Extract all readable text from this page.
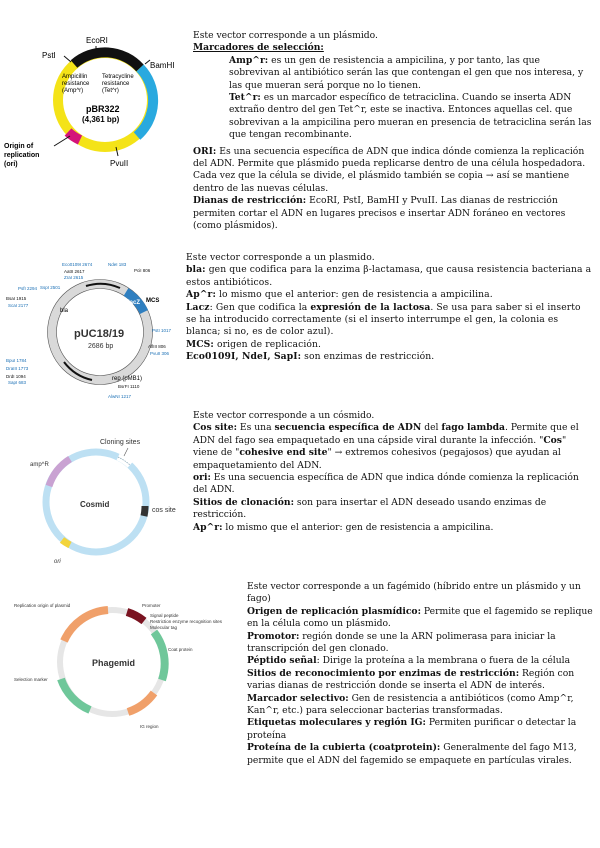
EcoRI
PstI
BamHI
PvuII
Ampicillin
resistance
(Amp^r)
Tetracycline
resistance
(Tet^r)
pBR322
(4,361 bp)
Origin of
replication
(ori)

Este vector corresponde a un plásmido.

Marcadores de selección:

Amp^r: es un gen de resistencia a ampicilina, y por tanto, las que sobrevivan al antibiótico serán las que contengan el gen que nos interesa, y las que mueran será porque no lo tienen.

Tet^r: es un marcador específico de tetraciclina. Cuando se inserta ADN extraño dentro del gen Tet^r, este se inactiva. Entonces aquellas cel. que sobrevivan a la ampicilina pero mueran en presencia de tetraciclina serán las que tengan recombinante.

ORI: Es una secuencia específica de ADN que indica dónde comienza la replicación del ADN. Permite que plásmido pueda replicarse dentro de una célula hospedadora. Cada vez que la célula se divide, el plásmido también se copia → así se mantiene dentro de las nuevas células.

Dianas de restricción: EcoRI, PstI, BamHI y PvuII. Las dianas de restricción permiten cortar el ADN en lugares precisos e insertar ADN foráneo en vectores (como plásmidos).

pUC18/19
2686 bp
lacZ MCS
bla
rep (pMB1)
Eco0109I 2674
AatII 2617
ZraI 2615
SspI 2501
PsfI 2294
BsaI 1915
ScaI 2177
NdeI 183
PciI 806
BpuI 1784
DraIII 1773
DrdI 1094
SapI 683
AflIII 806
PvuII 306
BsrFI 1110
AlwNI 1217
PstI 1017

Este vector corresponde a un plasmido.

bla: gen que codifica para la enzima β-lactamasa, que causa resistencia bacteriana a estos antibióticos.

Ap^r: lo mismo que el anterior: gen de resistencia a ampicilina.

Lacz: Gen que codifica la expresión de la lactosa. Se usa para saber si el inserto se ha introducido correctamente (si el inserto interrumpe el gen, la colonia es blanca; si no, es de color azul).

MCS: origen de replicación.

Eco0109I, NdeI, SapI: son enzimas de restricción.

Cloning sites
amp^R
Cosmid
cos site
ori

Este vector corresponde a un cósmido.

Cos site: Es una secuencia específica de ADN del fago lambda. Permite que el ADN del fago sea empaquetado en una cápside viral durante la infección. "Cos" viene de "cohesive end site" → extremos cohesivos (pegajosos) que ayudan al empaquetamiento del ADN.

ori: Es una secuencia específica de ADN que indica dónde comienza la replicación del ADN.

Sitios de clonación: son para insertar el ADN deseado usando enzimas de restricción.

Ap^r: lo mismo que el anterior: gen de resistencia a ampicilina.

Phagemid
Replication origin of plasmid	Promoter
Signal peptide
Restriction enzyme recognition sites
Molecular tag
Coat protein
Selection marker
IG region

Este vector corresponde a un fagémido (híbrido entre un plásmido y un fago)

Origen de replicación plasmídico: Permite que el fagemido se replique en la célula como un plásmido.

Promotor: región donde se une la ARN polimerasa para iniciar la transcripción del gen clonado.

Péptido señal: Dirige la proteína a la membrana o fuera de la célula

Sitios de reconocimiento por enzimas de restricción: Región con varias dianas de restricción donde se inserta el ADN de interés.

Marcador selectivo: Gen de resistencia a antibióticos (como Amp^r, Kan^r, etc.) para seleccionar bacterias transformadas.

Etiquetas moleculares y región IG: Permiten purificar o detectar la proteína

Proteína de la cubierta (coatprotein): Generalmente del fago M13, permite que el ADN del fagemido se empaquete en partículas virales.
